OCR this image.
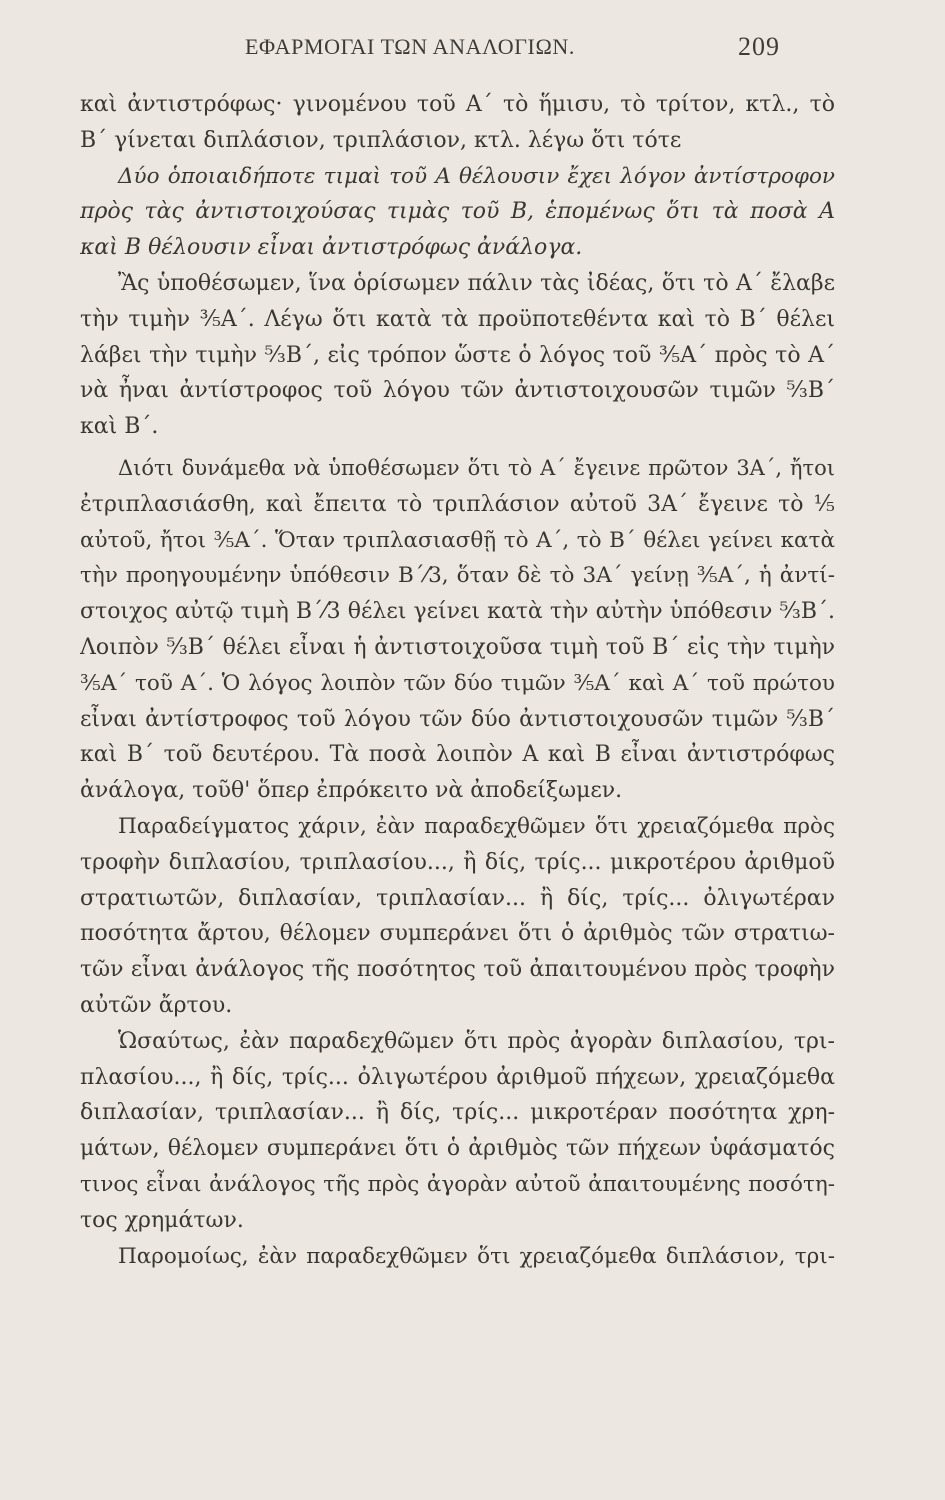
ΕΦΑΡΜΟΓΑΙ ΤΩΝ ΑΝΑΛΟΓΙΩΝ.	209
καὶ ἀντιστρόφως· γινομένου τοῦ Α΄ τὸ ἥμισυ, τὸ τρίτον, κτλ., τὸ
Β΄ γίνεται διπλάσιον, τριπλάσιον, κτλ. λέγω ὅτι τότε
Δύο ὁποιαιδήποτε τιμαὶ τοῦ Α θέλουσιν ἔχει λόγον ἀντίστροφον
πρὸς τὰς ἀντιστοιχούσας τιμὰς τοῦ Β, ἑπομένως ὅτι τὰ ποσὰ Α
καὶ Β θέλουσιν εἶναι ἀντιστρόφως ἀνάλογα.
Ἂς ὑποθέσωμεν, ἵνα ὁρίσωμεν πάλιν τὰς ἰδέας, ὅτι τὸ Α΄ ἔλαβε
τὴν τιμὴν ³⁄₅Α΄. Λέγω ὅτι κατὰ τὰ προϋποτεθέντα καὶ τὸ Β΄ θέλει
λάβει τὴν τιμὴν ⁵⁄₃Β΄, εἰς τρόπον ὥστε ὁ λόγος τοῦ ³⁄₅Α΄ πρὸς τὸ Α΄
νὰ ἦναι ἀντίστροφος τοῦ λόγου τῶν ἀντιστοιχουσῶν τιμῶν ⁵⁄₃Β΄
καὶ Β΄.
Διότι δυνάμεθα νὰ ὑποθέσωμεν ὅτι τὸ Α΄ ἔγεινε πρῶτον 3Α΄, ἤτοι
ἐτριπλασιάσθη, καὶ ἔπειτα τὸ τριπλάσιον αὐτοῦ 3Α΄ ἔγεινε τὸ ¹⁄₅
αὐτοῦ, ἤτοι ³⁄₅Α΄. Ὅταν τριπλασιασθῇ τὸ Α΄, τὸ Β΄ θέλει γείνει κατὰ
τὴν προηγουμένην ὑπόθεσιν Β΄⁄3, ὅταν δὲ τὸ 3Α΄ γείνῃ ³⁄₅Α΄, ἡ ἀντί-
στοιχος αὐτῷ τιμὴ Β΄⁄3 θέλει γείνει κατὰ τὴν αὐτὴν ὑπόθεσιν ⁵⁄₃Β΄.
Λοιπὸν ⁵⁄₃Β΄ θέλει εἶναι ἡ ἀντιστοιχοῦσα τιμὴ τοῦ Β΄ εἰς τὴν τιμὴν
³⁄₅Α΄ τοῦ Α΄. Ὁ λόγος λοιπὸν τῶν δύο τιμῶν ³⁄₅Α΄ καὶ Α΄ τοῦ πρώτου
εἶναι ἀντίστροφος τοῦ λόγου τῶν δύο ἀντιστοιχουσῶν τιμῶν ⁵⁄₃Β΄
καὶ Β΄ τοῦ δευτέρου. Τὰ ποσὰ λοιπὸν Α καὶ Β εἶναι ἀντιστρόφως
ἀνάλογα, τοῦθ' ὅπερ ἐπρόκειτο νὰ ἀποδείξωμεν.
Παραδείγματος χάριν, ἐὰν παραδεχθῶμεν ὅτι χρειαζόμεθα πρὸς
τροφὴν διπλασίου, τριπλασίου..., ἢ δίς, τρίς... μικροτέρου ἀριθμοῦ
στρατιωτῶν, διπλασίαν, τριπλασίαν... ἢ δίς, τρίς... ὀλιγωτέραν
ποσότητα ἄρτου, θέλομεν συμπεράνει ὅτι ὁ ἀριθμὸς τῶν στρατιω-
τῶν εἶναι ἀνάλογος τῆς ποσότητος τοῦ ἀπαιτουμένου πρὸς τροφὴν
αὐτῶν ἄρτου.
Ὡσαύτως, ἐὰν παραδεχθῶμεν ὅτι πρὸς ἀγορὰν διπλασίου, τρι-
πλασίου..., ἢ δίς, τρίς... ὀλιγωτέρου ἀριθμοῦ πήχεων, χρειαζόμεθα
διπλασίαν, τριπλασίαν... ἢ δίς, τρίς... μικροτέραν ποσότητα χρη-
μάτων, θέλομεν συμπεράνει ὅτι ὁ ἀριθμὸς τῶν πήχεων ὑφάσματός
τινος εἶναι ἀνάλογος τῆς πρὸς ἀγορὰν αὐτοῦ ἀπαιτουμένης ποσότη-
τος χρημάτων.
Παρομοίως, ἐὰν παραδεχθῶμεν ὅτι χρειαζόμεθα διπλάσιον, τρι-
